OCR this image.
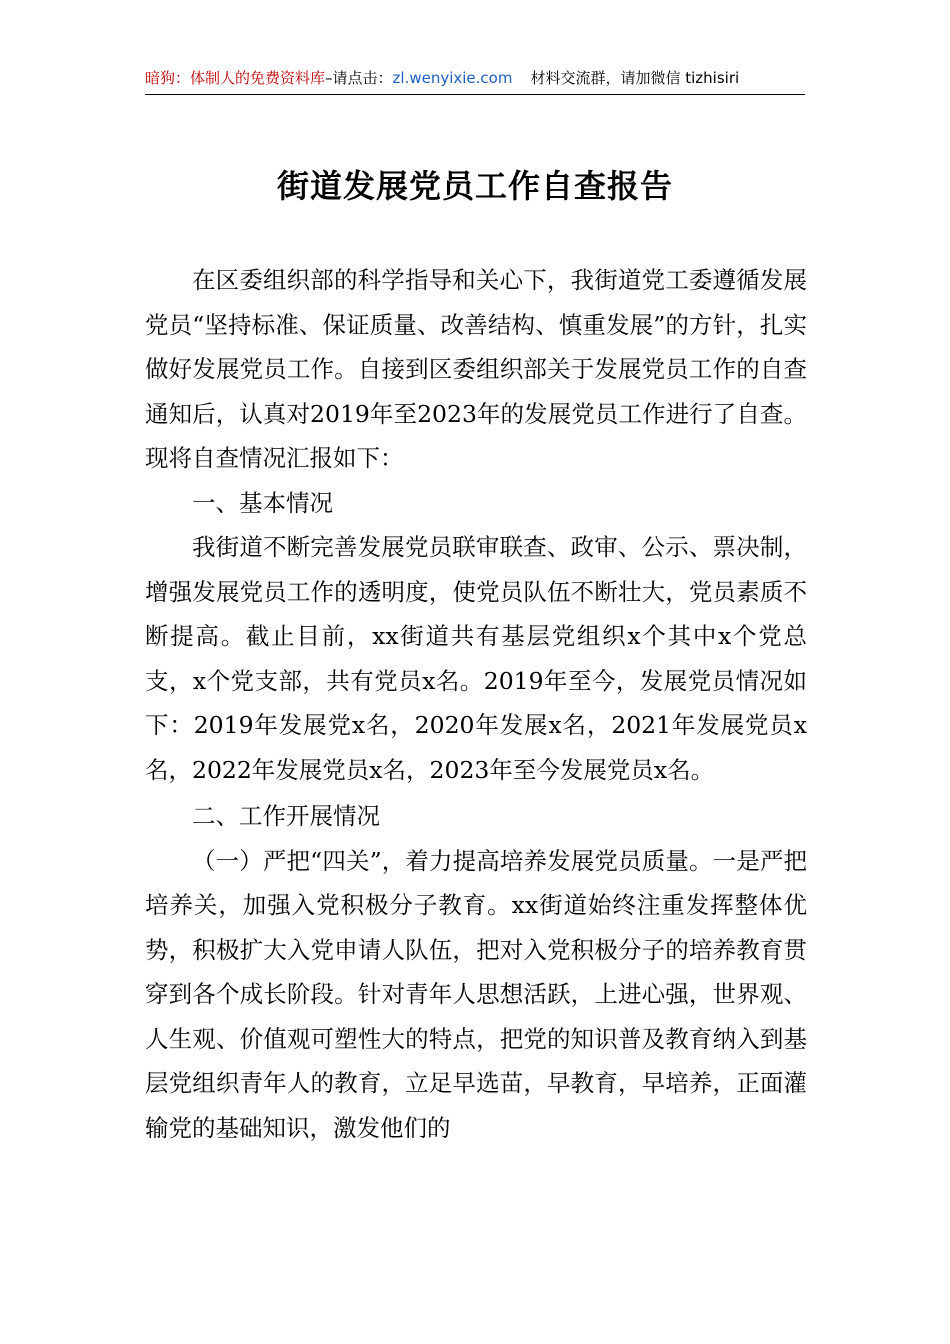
暗狗：体制人的免费资料库–请点击：zl.wenyixie.com 材料交流群，请加微信 tizhisiri
街道发展党员工作自查报告

在区委组织部的科学指导和关心下，我街道党工委遵循发展党员“坚持标准、保证质量、改善结构、慎重发展”的方针，扎实做好发展党员工作。自接到区委组织部关于发展党员工作的自查通知后，认真对2019年至2023年的发展党员工作进行了自查。现将自查情况汇报如下：

一、基本情况

我街道不断完善发展党员联审联查、政审、公示、票决制，增强发展党员工作的透明度，使党员队伍不断壮大，党员素质不断提高。截止目前，xx街道共有基层党组织x个其中x个党总支，x个党支部，共有党员x名。2019年至今，发展党员情况如下：2019年发展党x名，2020年发展x名，2021年发展党员x名，2022年发展党员x名，2023年至今发展党员x名。

二、工作开展情况

（一）严把“四关”，着力提高培养发展党员质量。一是严把培养关，加强入党积极分子教育。xx街道始终注重发挥整体优势，积极扩大入党申请人队伍，把对入党积极分子的培养教育贯穿到各个成长阶段。针对青年人思想活跃，上进心强，世界观、人生观、价值观可塑性大的特点，把党的知识普及教育纳入到基层党组织青年人的教育，立足早选苗，早教育，早培养，正面灌输党的基础知识，激发他们的
